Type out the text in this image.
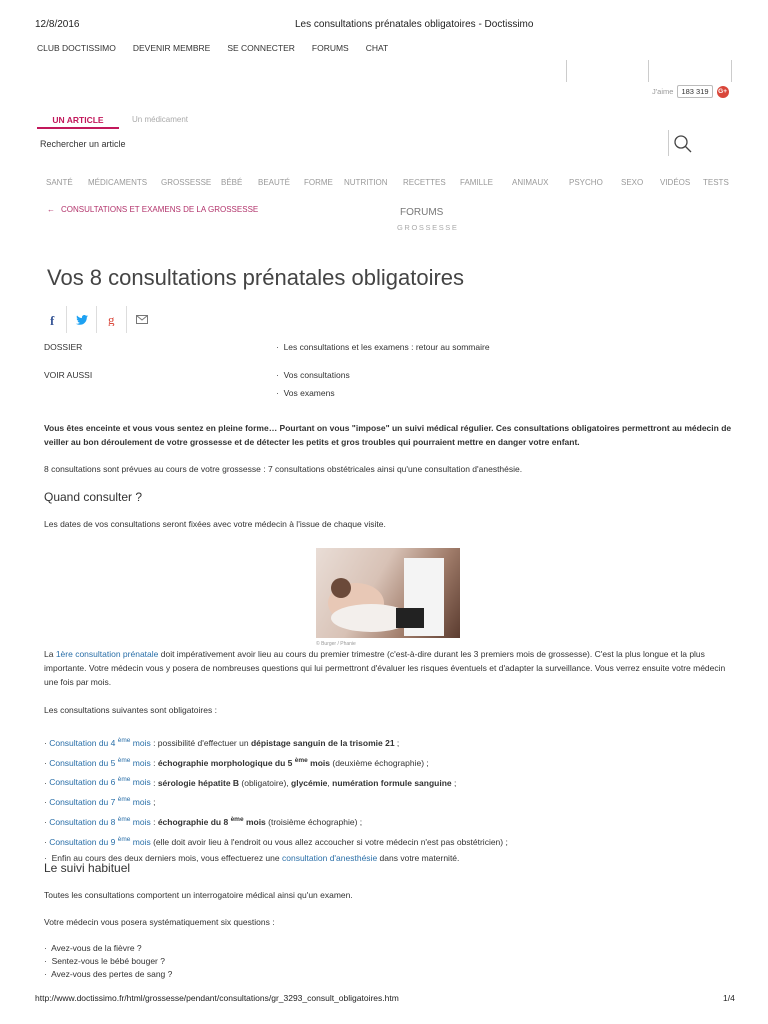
12/8/2016	Les consultations prénatales obligatoires - Doctissimo
CLUB DOCTISSIMO DEVENIR MEMBRE SE CONNECTER FORUMS CHAT
J'aime	183 319	G+
UN ARTICLE	Un médicament
Rechercher un article
SANTÉ MÉDICAMENTS GROSSESSE BÉBÉ BEAUTÉ FORME NUTRITION RECETTES FAMILLE ANIMAUX	PSYCHO SEXO VIDÉOS TESTS
← CONSULTATIONS ET EXAMENS DE LA GROSSESSE	FORUMS
GROSSESSE
Vos 8 consultations prénatales obligatoires
f	g
DOSSIER	·  Les consultations et les examens : retour au sommaire
VOIR AUSSI	·  Vos consultations
·  Vos examens

Vous êtes enceinte et vous vous sentez en pleine forme… Pourtant on vous "impose" un suivi médical régulier. Ces consultations obligatoires permettront au médecin de veiller au bon déroulement de votre grossesse et de détecter les petits et gros troubles qui pourraient mettre en danger votre enfant.

8 consultations sont prévues au cours de votre grossesse : 7 consultations obstétricales ainsi qu'une consultation d'anesthésie.

Quand consulter ?

Les dates de vos consultations seront fixées avec votre médecin à l'issue de chaque visite.

© Burger / Phanie

La 1ère consultation prénatale doit impérativement avoir lieu au cours du premier trimestre (c'est-à-dire durant les 3 premiers mois de grossesse). C'est la plus longue et la plus importante. Votre médecin vous y posera de nombreuses questions qui lui permettront d'évaluer les risques éventuels et d'adapter la surveillance. Vous verrez ensuite votre médecin une fois par mois.

Les consultations suivantes sont obligatoires :

· Consultation du 4 $^{ème}$ mois : possibilité d'effectuer un dépistage sanguin de la trisomie 21 ;
· Consultation du 5 $^{ème}$ mois : échographie morphologique du 5 $^{ème}$ mois (deuxième échographie) ;
· Consultation du 6 $^{ème}$ mois : sérologie hépatite B (obligatoire), glycémie, numération formule sanguine ;
· Consultation du 7 $^{ème}$ mois ;
· Consultation du 8 $^{ème}$ mois : échographie du 8 $^{ème}$ mois (troisième échographie) ;
· Consultation du 9 $^{ème}$ mois (elle doit avoir lieu à l'endroit ou vous allez accoucher si votre médecin n'est pas obstétricien) ;
·  Enfin au cours des deux derniers mois, vous effectuerez une consultation d'anesthésie dans votre maternité.
Le suivi habituel

Toutes les consultations comportent un interrogatoire médical ainsi qu'un examen.

Votre médecin vous posera systématiquement six questions :

·  Avez-vous de la fièvre ?
·  Sentez-vous le bébé bouger ?
·  Avez-vous des pertes de sang ?
http://www.doctissimo.fr/html/grossesse/pendant/consultations/gr_3293_consult_obligatoires.htm	1/4
